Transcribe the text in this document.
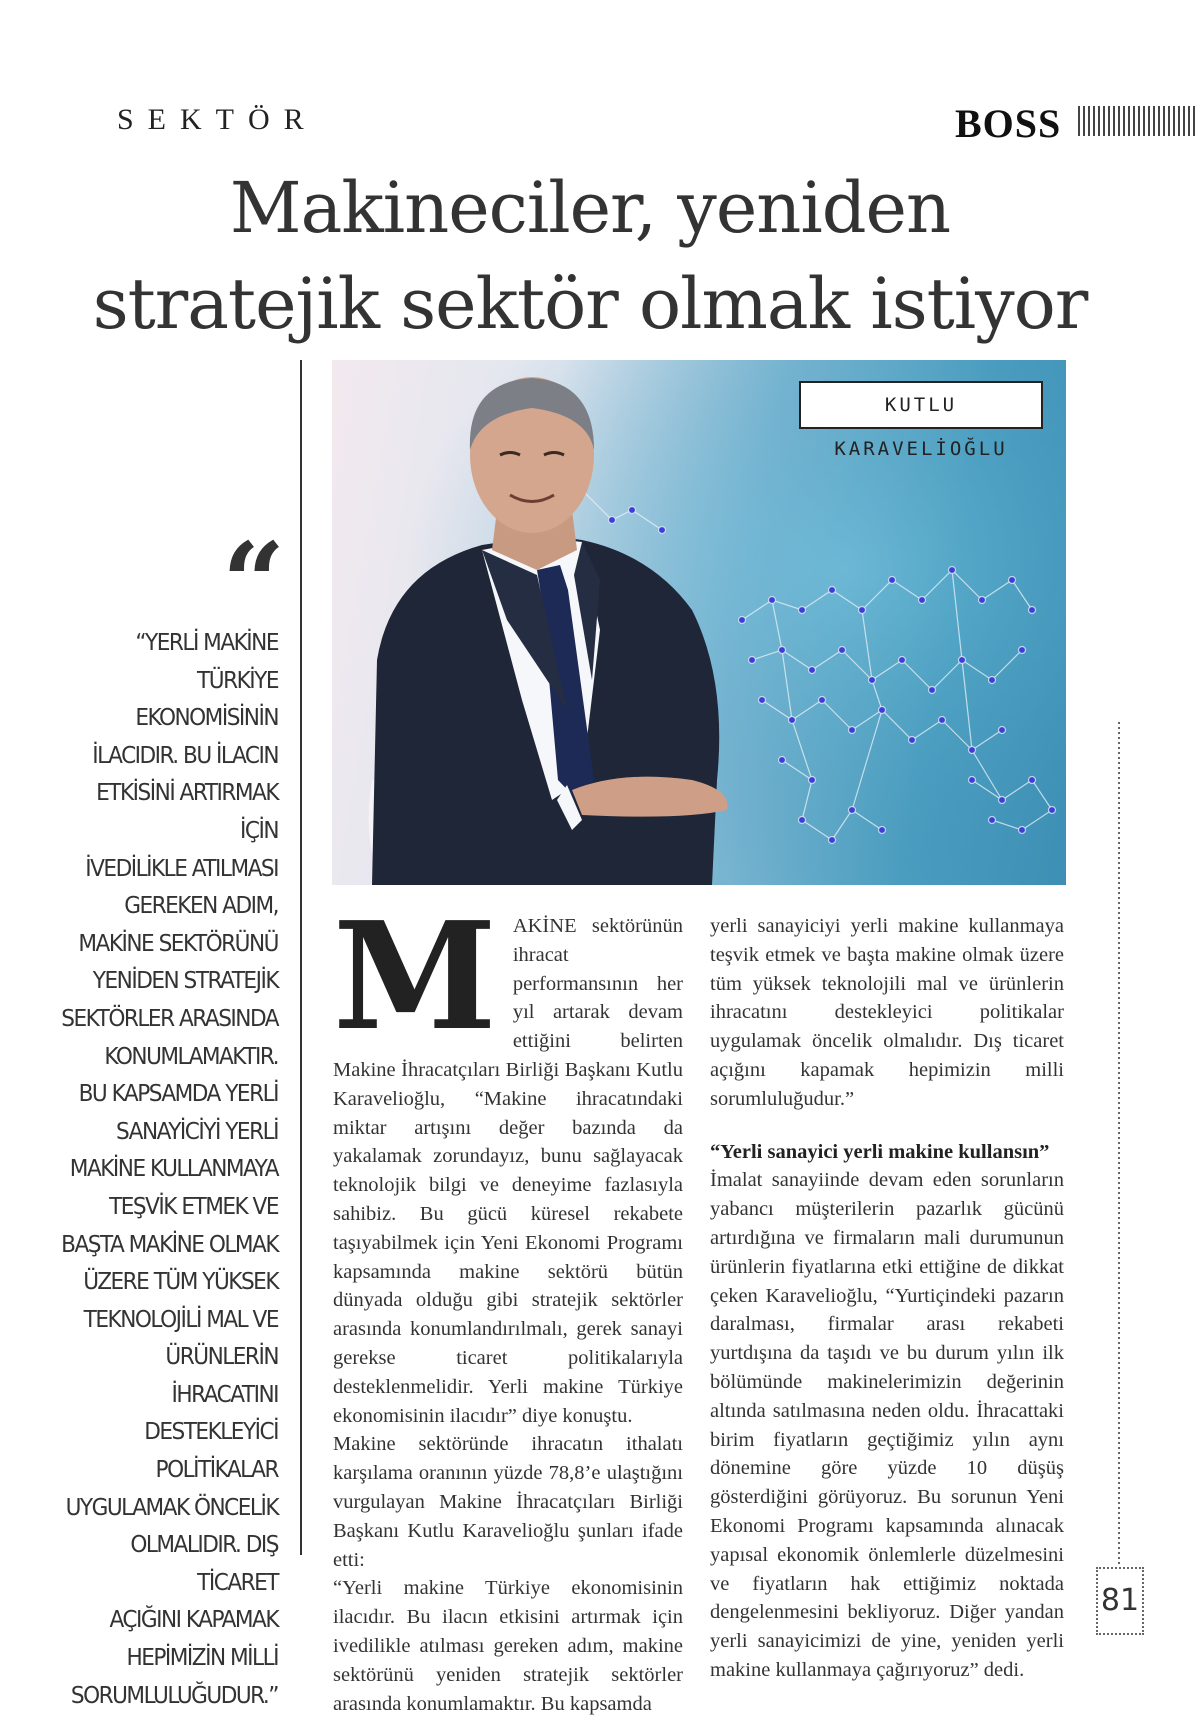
SEKTÖR	BOSS
Makineciler, yeniden
stratejik sektör olmak istiyor
“

“YERLİ MAKİNE
TÜRKİYE EKONOMİSİNİN
İLACIDIR. BU İLACIN
ETKİSİNİ ARTIRMAK İÇİN
İVEDİLİKLE ATILMASI
GEREKEN ADIM,
MAKİNE SEKTÖRÜNÜ
YENİDEN STRATEJİK
SEKTÖRLER ARASINDA
KONUMLAMAKTIR.
BU KAPSAMDA YERLİ
SANAYİCİYİ YERLİ
MAKİNE KULLANMAYA
TEŞVİK ETMEK VE
BAŞTA MAKİNE OLMAK
ÜZERE TÜM YÜKSEK
TEKNOLOJİLİ MAL VE
ÜRÜNLERİN İHRACATINI
DESTEKLEYİCİ
POLİTİKALAR
UYGULAMAK ÖNCELİK
OLMALIDIR. DIŞ TİCARET
AÇIĞINI KAPAMAK
HEPİMİZİN MİLLİ
SORUMLULUĞUDUR.”

KUTLU KARAVELİOĞLU
M AKİNE sektörünün ihracat performansının her yıl artarak devam ettiğini belirten Makine İhracatçıları Birliği Başkanı Kutlu Karavelioğlu, “Makine ihracatındaki miktar artışını değer bazında da yakalamak zorundayız, bunu sağlayacak teknolojik bilgi ve deneyime fazlasıyla sahibiz. Bu gücü küresel rekabete taşıyabilmek için Yeni Ekonomi Programı kapsamında makine sektörü bütün dünyada olduğu gibi stratejik sektörler arasında konumlandırılmalı, gerek sanayi gerekse ticaret politikalarıyla desteklenmelidir. Yerli makine Türkiye ekonomisinin ilacıdır” diye konuştu.

Makine sektöründe ihracatın ithalatı karşılama oranının yüzde 78,8’e ulaştığını vurgulayan Makine İhracatçıları Birliği Başkanı Kutlu Karavelioğlu şunları ifade etti:

“Yerli makine Türkiye ekonomisinin ilacıdır. Bu ilacın etkisini artırmak için ivedilikle atılması gereken adım, makine sektörünü yeniden stratejik sektörler arasında konumlamaktır. Bu kapsamda

yerli sanayiciyi yerli makine kullanmaya teşvik etmek ve başta makine olmak üzere tüm yüksek teknolojili mal ve ürünlerin ihracatını destekleyici politikalar uygulamak öncelik olmalıdır. Dış ticaret açığını kapamak hepimizin milli sorumluluğudur.”

“Yerli sanayici yerli makine kullansın”

İmalat sanayiinde devam eden sorunların yabancı müşterilerin pazarlık gücünü artırdığına ve firmaların mali durumunun ürünlerin fiyatlarına etki ettiğine de dikkat çeken Karavelioğlu, “Yurtiçindeki pazarın daralması, firmalar arası rekabeti yurtdışına da taşıdı ve bu durum yılın ilk bölümünde makinelerimizin değerinin altında satılmasına neden oldu. İhracattaki birim fiyatların geçtiğimiz yılın aynı dönemine göre yüzde 10 düşüş gösterdiğini görüyoruz. Bu sorunun Yeni Ekonomi Programı kapsamında alınacak yapısal ekonomik önlemlerle düzelmesini ve fiyatların hak ettiğimiz noktada dengelenmesini bekliyoruz. Diğer yandan yerli sanayicimizi de yine, yeniden yerli makine kullanmaya çağırıyoruz” dedi.

81
